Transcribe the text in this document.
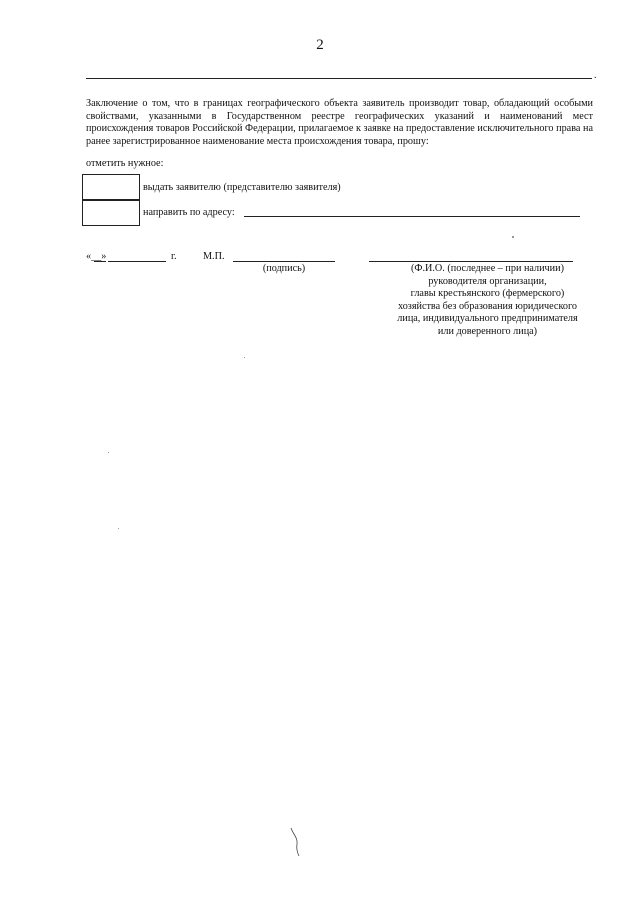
2
.
Заключение о том, что в границах географического объекта заявитель производит товар, обладающий особыми свойствами, указанными в Государственном реестре географических указаний и наименований мест происхождения товаров Российской Федерации, прилагаемое к заявке на предоставление исключительного права на ранее зарегистрированное наименование места происхождения товара, прошу:
отметить нужное:
выдать заявителю (представителю заявителя)
направить по адресу:
«__»	г.	М.П.
(подпись)	(Ф.И.О. (последнее – при наличии)
руководителя организации,
главы крестьянского (фермерского)
хозяйства без образования юридического
лица, индивидуального предпринимателя
или доверенного лица)
